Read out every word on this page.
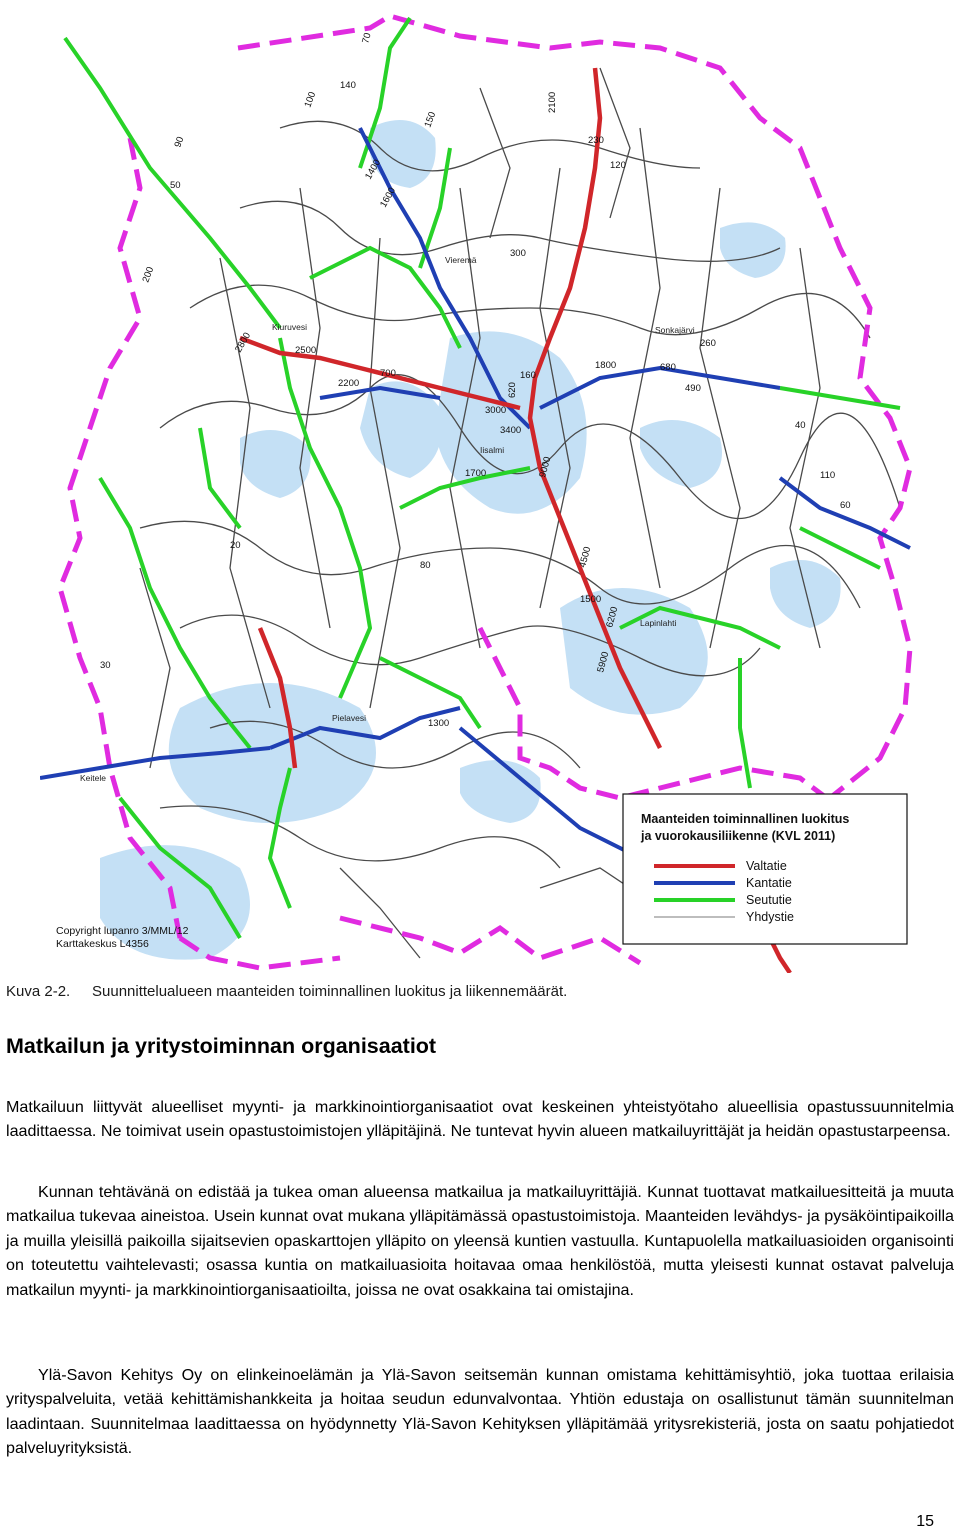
Kiuruvesi
Vieremä
Sonkajärvi
Iisalmi
Lapinlahti
Pielavesi
Keitele
70
140
90
100
150
2100
1600
1400
300
2500
700
2200
2800
3000
120
230
260
490
680
160
3400
1800
620
5900
4500
6200
9000
1700
1500
1300
50
200
30
60
20
40
80
110
Copyright lupanro 3/MML/12
Karttakeskus L4356
Maanteiden toiminnallinen luokitus
ja vuorokausiliikenne (KVL 2011)
Valtatie
Kantatie
Seututie
Yhdystie
Kuva 2-2. Suunnittelualueen maanteiden toiminnallinen luokitus ja liikennemäärät.
Matkailun ja yritystoiminnan organisaatiot

Matkailuun liittyvät alueelliset myynti- ja markkinointiorganisaatiot ovat keskeinen yhteistyötaho alueellisia opastussuunnitelmia laadittaessa. Ne toimivat usein opastustoimistojen ylläpitäjinä. Ne tuntevat hyvin alueen matkailuyrittäjät ja heidän opastustarpeensa.

Kunnan tehtävänä on edistää ja tukea oman alueensa matkailua ja matkailuyrittäjiä. Kunnat tuottavat matkailuesitteitä ja muuta matkailua tukevaa aineistoa. Usein kunnat ovat mukana ylläpitämässä opastustoimistoja. Maanteiden levähdys- ja pysäköintipaikoilla ja muilla yleisillä paikoilla sijaitsevien opaskarttojen ylläpito on yleensä kuntien vastuulla. Kuntapuolella matkailuasioiden organisointi on toteutettu vaihtelevasti; osassa kuntia on matkailuasioita hoitavaa omaa henkilöstöä, mutta yleisesti kunnat ostavat palveluja matkailun myynti- ja markkinointiorganisaatioilta, joissa ne ovat osakkaina tai omistajina.

Ylä-Savon Kehitys Oy on elinkeinoelämän ja Ylä-Savon seitsemän kunnan omistama kehittämisyhtiö, joka tuottaa erilaisia yrityspalveluita, vetää kehittämishankkeita ja hoitaa seudun edunvalvontaa. Yhtiön edustaja on osallistunut tämän suunnitelman laadintaan. Suunnitelmaa laadittaessa on hyödynnetty Ylä-Savon Kehityksen ylläpitämää yritysrekisteriä, josta on saatu pohjatiedot palveluyrityksistä.

15
